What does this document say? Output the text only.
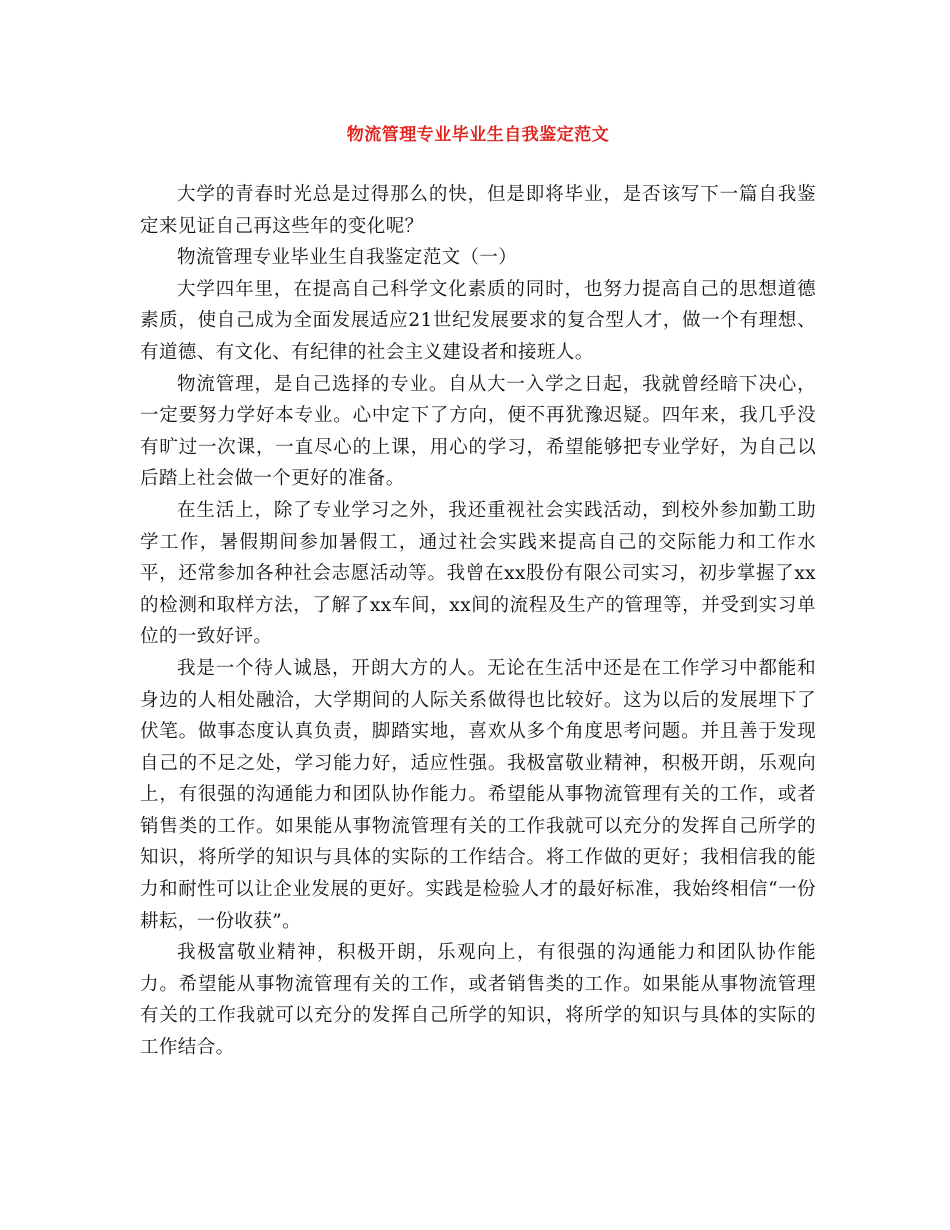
物流管理专业毕业生自我鉴定范文

大学的青春时光总是过得那么的快，但是即将毕业，是否该写下一篇自我鉴定来见证自己再这些年的变化呢？

物流管理专业毕业生自我鉴定范文（一）

大学四年里，在提高自己科学文化素质的同时，也努力提高自己的思想道德素质，使自己成为全面发展适应21世纪发展要求的复合型人才，做一个有理想、有道德、有文化、有纪律的社会主义建设者和接班人。

物流管理，是自己选择的专业。自从大一入学之日起，我就曾经暗下决心，一定要努力学好本专业。心中定下了方向，便不再犹豫迟疑。四年来，我几乎没有旷过一次课，一直尽心的上课，用心的学习，希望能够把专业学好，为自己以后踏上社会做一个更好的准备。

在生活上，除了专业学习之外，我还重视社会实践活动，到校外参加勤工助学工作，暑假期间参加暑假工，通过社会实践来提高自己的交际能力和工作水平，还常参加各种社会志愿活动等。我曾在xx股份有限公司实习，初步掌握了xx的检测和取样方法，了解了xx车间，xx间的流程及生产的管理等，并受到实习单位的一致好评。

我是一个待人诚恳，开朗大方的人。无论在生活中还是在工作学习中都能和身边的人相处融洽，大学期间的人际关系做得也比较好。这为以后的发展埋下了伏笔。做事态度认真负责，脚踏实地，喜欢从多个角度思考问题。并且善于发现自己的不足之处，学习能力好，适应性强。我极富敬业精神，积极开朗，乐观向上，有很强的沟通能力和团队协作能力。希望能从事物流管理有关的工作，或者销售类的工作。如果能从事物流管理有关的工作我就可以充分的发挥自己所学的知识，将所学的知识与具体的实际的工作结合。将工作做的更好；我相信我的能力和耐性可以让企业发展的更好。实践是检验人才的最好标准，我始终相信“一份耕耘，一份收获”。

我极富敬业精神，积极开朗，乐观向上，有很强的沟通能力和团队协作能力。希望能从事物流管理有关的工作，或者销售类的工作。如果能从事物流管理有关的工作我就可以充分的发挥自己所学的知识，将所学的知识与具体的实际的工作结合。
